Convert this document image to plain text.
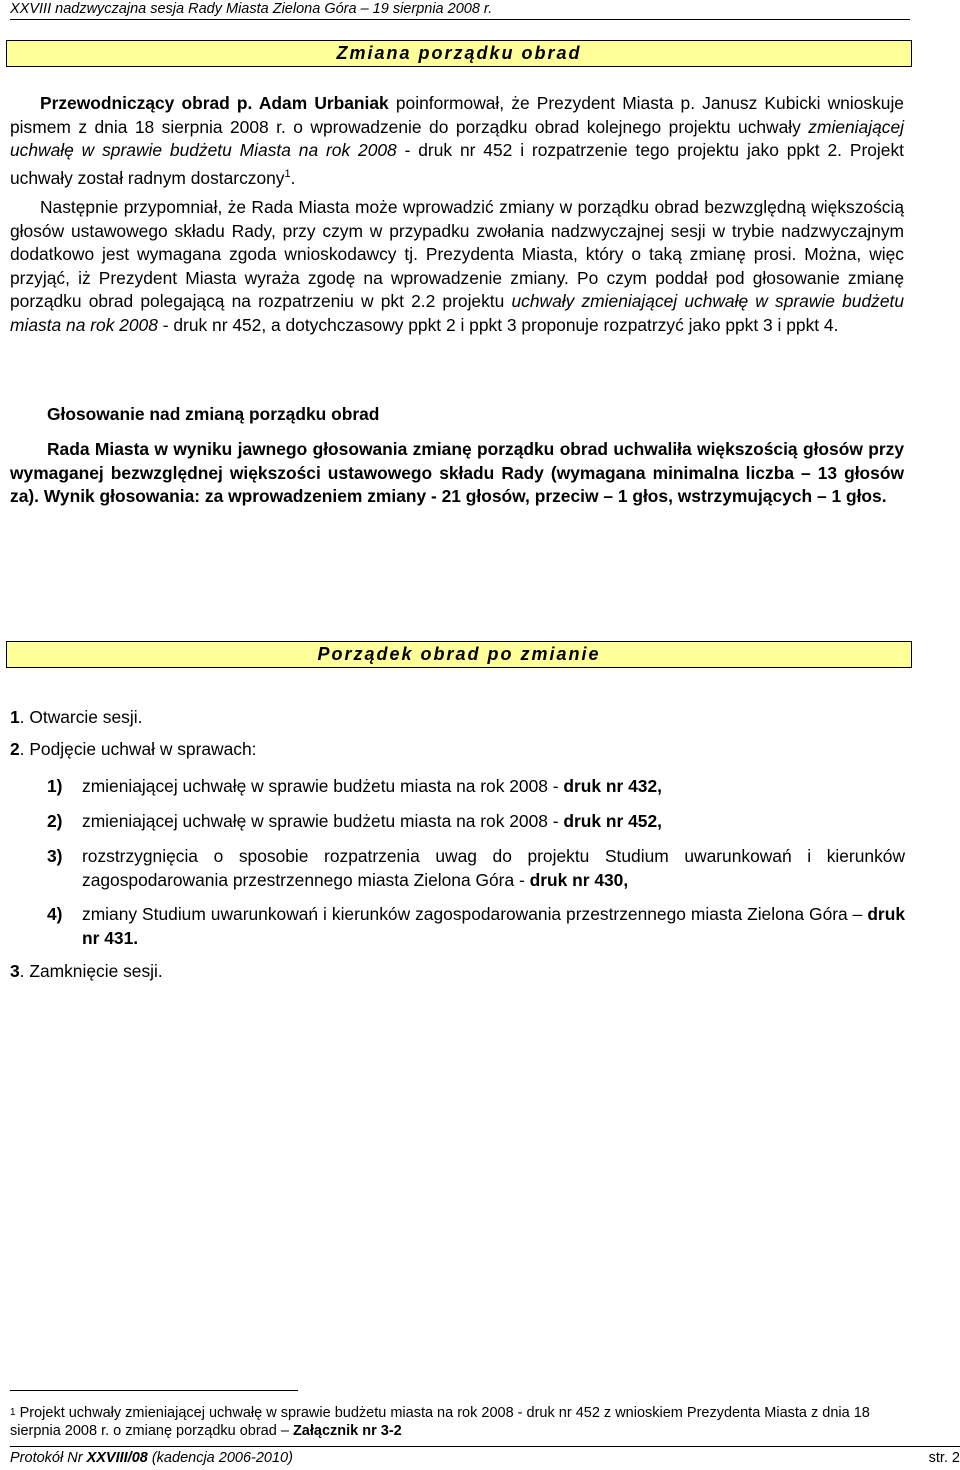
XXVIII nadzwyczajna sesja Rady Miasta Zielona Góra – 19 sierpnia 2008 r.
Zmiana porządku obrad
Przewodniczący obrad p. Adam Urbaniak poinformował, że Prezydent Miasta p. Janusz Kubicki wnioskuje pismem z dnia 18 sierpnia 2008 r. o wprowadzenie do porządku obrad kolejnego projektu uchwały zmieniającej uchwałę w sprawie budżetu Miasta na rok 2008 - druk nr 452 i rozpatrzenie tego projektu jako ppkt 2. Projekt uchwały został radnym dostarczony$^1$.
Następnie przypomniał, że Rada Miasta może wprowadzić zmiany w porządku obrad bezwzględną większością głosów ustawowego składu Rady, przy czym w przypadku zwołania nadzwyczajnej sesji w trybie nadzwyczajnym dodatkowo jest wymagana zgoda wnioskodawcy tj. Prezydenta Miasta, który o taką zmianę prosi. Można, więc przyjąć, iż Prezydent Miasta wyraża zgodę na wprowadzenie zmiany. Po czym poddał pod głosowanie zmianę porządku obrad polegającą na rozpatrzeniu w pkt 2.2 projektu uchwały zmieniającej uchwałę w sprawie budżetu miasta na rok 2008 - druk nr 452, a dotychczasowy ppkt 2 i ppkt 3 proponuje rozpatrzyć jako ppkt 3 i ppkt 4.
Głosowanie nad zmianą porządku obrad
Rada Miasta w wyniku jawnego głosowania zmianę porządku obrad uchwaliła większością głosów przy wymaganej bezwzględnej większości ustawowego składu Rady (wymagana minimalna liczba – 13 głosów za). Wynik głosowania: za wprowadzeniem zmiany - 21 głosów, przeciw – 1 głos, wstrzymujących – 1 głos.
Porządek obrad po zmianie
1. Otwarcie sesji.
2. Podjęcie uchwał w sprawach:
1) zmieniającej uchwałę w sprawie budżetu miasta na rok 2008 - druk nr 432,
2) zmieniającej uchwałę w sprawie budżetu miasta na rok 2008 - druk nr 452,
3) rozstrzygnięcia o sposobie rozpatrzenia uwag do projektu Studium uwarunkowań i kierunków zagospodarowania przestrzennego miasta Zielona Góra - druk nr 430,
4) zmiany Studium uwarunkowań i kierunków zagospodarowania przestrzennego miasta Zielona Góra – druk nr 431.
3. Zamknięcie sesji.
$^1$ Projekt uchwały zmieniającej uchwałę w sprawie budżetu miasta na rok 2008 - druk nr 452 z wnioskiem Prezydenta Miasta z dnia 18 sierpnia 2008 r. o zmianę porządku obrad – Załącznik nr 3-2
Protokół Nr XXVIII/08 (kadencja 2006-2010)	str. 2
